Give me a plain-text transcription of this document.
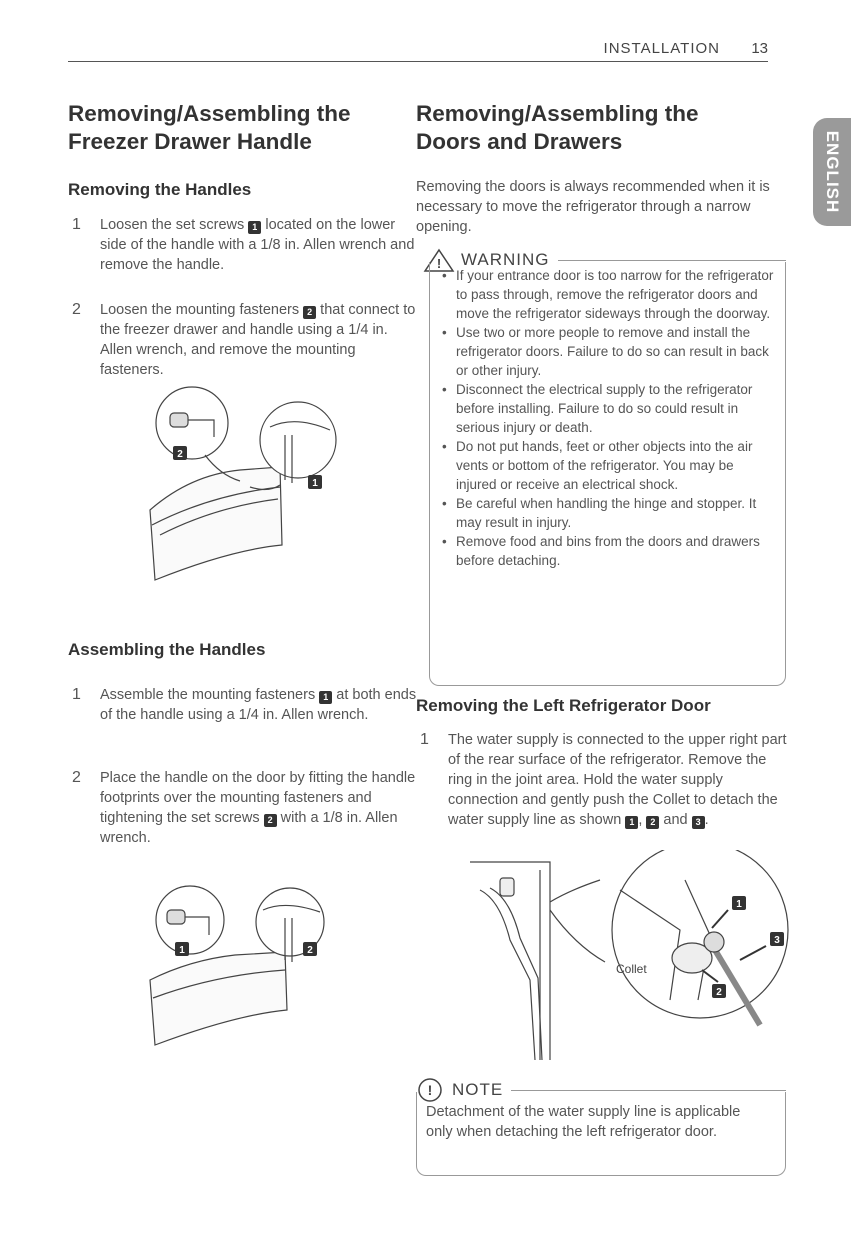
INSTALLATION 13
ENGLISH
Removing/Assembling the
Freezer Drawer Handle
Removing the Handles
1 Loosen the set screws 1 located on the lower side of the handle with a 1/8 in. Allen wrench and remove the handle.
2 Loosen the mounting fasteners 2 that connect to the freezer drawer and handle using a 1/4 in. Allen wrench, and remove the mounting fasteners.
2
1
Assembling the Handles
1 Assemble the mounting fasteners 1 at both ends of the handle using a 1/4 in. Allen wrench.
2 Place the handle on the door by fitting the handle footprints over the mounting fasteners and tightening the set screws 2 with a 1/8 in. Allen wrench.
1	2
Removing/Assembling the
Doors and Drawers

Removing the doors is always recommended when it is necessary to move the refrigerator through a narrow opening.

! WARNING
• If your entrance door is too narrow for the refrigerator to pass through, remove the refrigerator doors and move the refrigerator sideways through the doorway.
• Use two or more people to remove and install the refrigerator doors. Failure to do so can result in back or other injury.
• Disconnect the electrical supply to the refrigerator before installing. Failure to do so could result in serious injury or death.
• Do not put hands, feet or other objects into the air vents or bottom of the refrigerator. You may be injured or receive an electrical shock.
• Be careful when handling the hinge and stopper. It may result in injury.
• Remove food and bins from the doors and drawers before detaching.
Removing the Left Refrigerator Door
1 The water supply is connected to the upper right part of the rear surface of the refrigerator. Remove the ring in the joint area. Hold the water supply connection and gently push the Collet to detach the water supply line as shown 1 , 2 and 3 .
Collet
1
2
3
! NOTE

Detachment of the water supply line is applicable only when detaching the left refrigerator door.
